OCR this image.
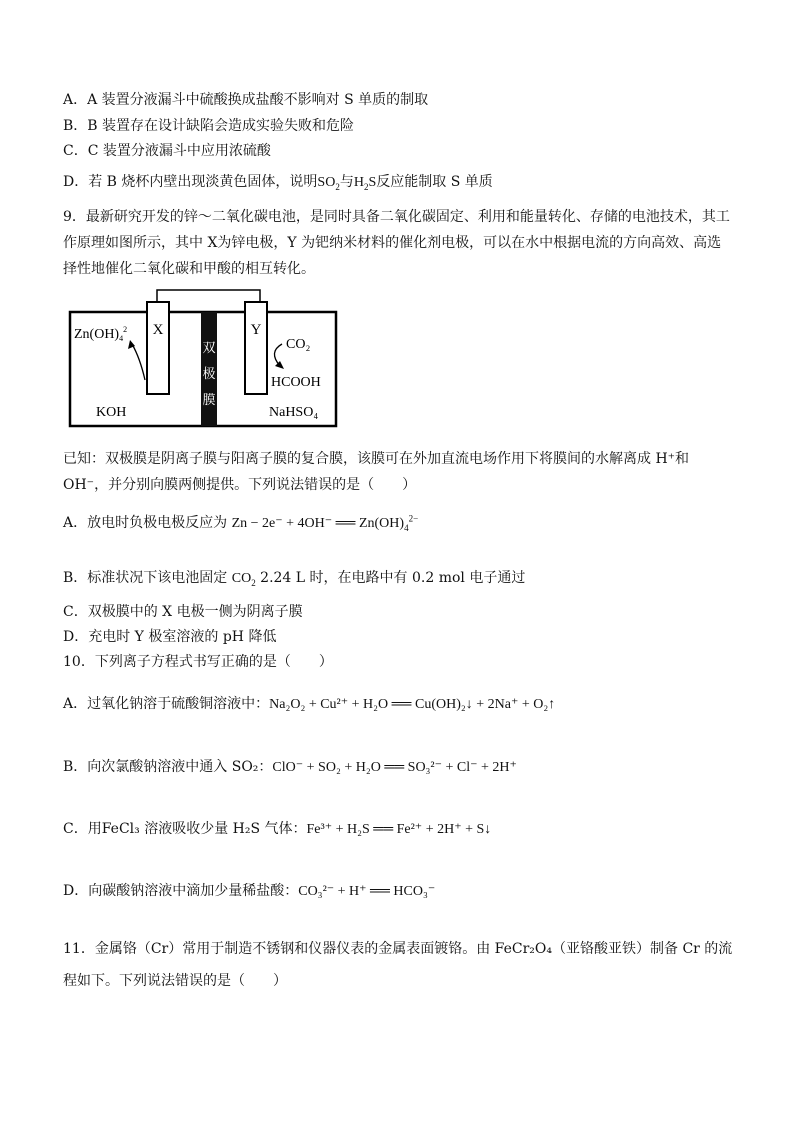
A．A 装置分液漏斗中硫酸换成盐酸不影响对 S 单质的制取
B．B 装置存在设计缺陷会造成实验失败和危险
C．C 装置分液漏斗中应用浓硫酸
D．若 B 烧杯内壁出现淡黄色固体，说明$SO_2$与$H_2S$反应能制取 S 单质
9．最新研究开发的锌～二氧化碳电池，是同时具备二氧化碳固定、利用和能量转化、存储的电池技术，其工作原理如图所示，其中 X为锌电极，Y 为钯纳米材料的催化剂电极，可以在水中根据电流的方向高效、高选择性地催化二氧化碳和甲酸的相互转化。
X	Y
双
极
膜
$Zn(OH)_4^2$
KOH
CO₂
HCOOH
NaHSO₄
已知：双极膜是阴离子膜与阳离子膜的复合膜，该膜可在外加直流电场作用下将膜间的水解离成 H⁺和 OH⁻，并分别向膜两侧提供。下列说法错误的是（　　）
A．放电时负极电极反应为 Zn − 2e⁻ + 4OH⁻ ══ $Zn(OH)_4^{2-}$
B．标准状况下该电池固定 $CO_2$ 2.24 L 时，在电路中有 0.2 mol 电子通过
C．双极膜中的 X 电极一侧为阴离子膜
D．充电时 Y 极室溶液的 pH 降低
10．下列离子方程式书写正确的是（　　）
A．过氧化钠溶于硫酸铜溶液中：Na₂O₂ + Cu²⁺ + H₂O ══ Cu(OH)₂↓ + 2Na⁺ + O₂↑
B．向次氯酸钠溶液中通入 SO₂：ClO⁻ + SO₂ + H₂O ══ SO₃²⁻ + Cl⁻ + 2H⁺
C．用FeCl₃ 溶液吸收少量 H₂S 气体：Fe³⁺ + H₂S ══ Fe²⁺ + 2H⁺ + S↓
D．向碳酸钠溶液中滴加少量稀盐酸：CO₃²⁻ + H⁺ ══ HCO₃⁻
11．金属铬（Cr）常用于制造不锈钢和仪器仪表的金属表面镀铬。由 FeCr₂O₄（亚铬酸亚铁）制备 Cr 的流程如下。下列说法错误的是（　　）
